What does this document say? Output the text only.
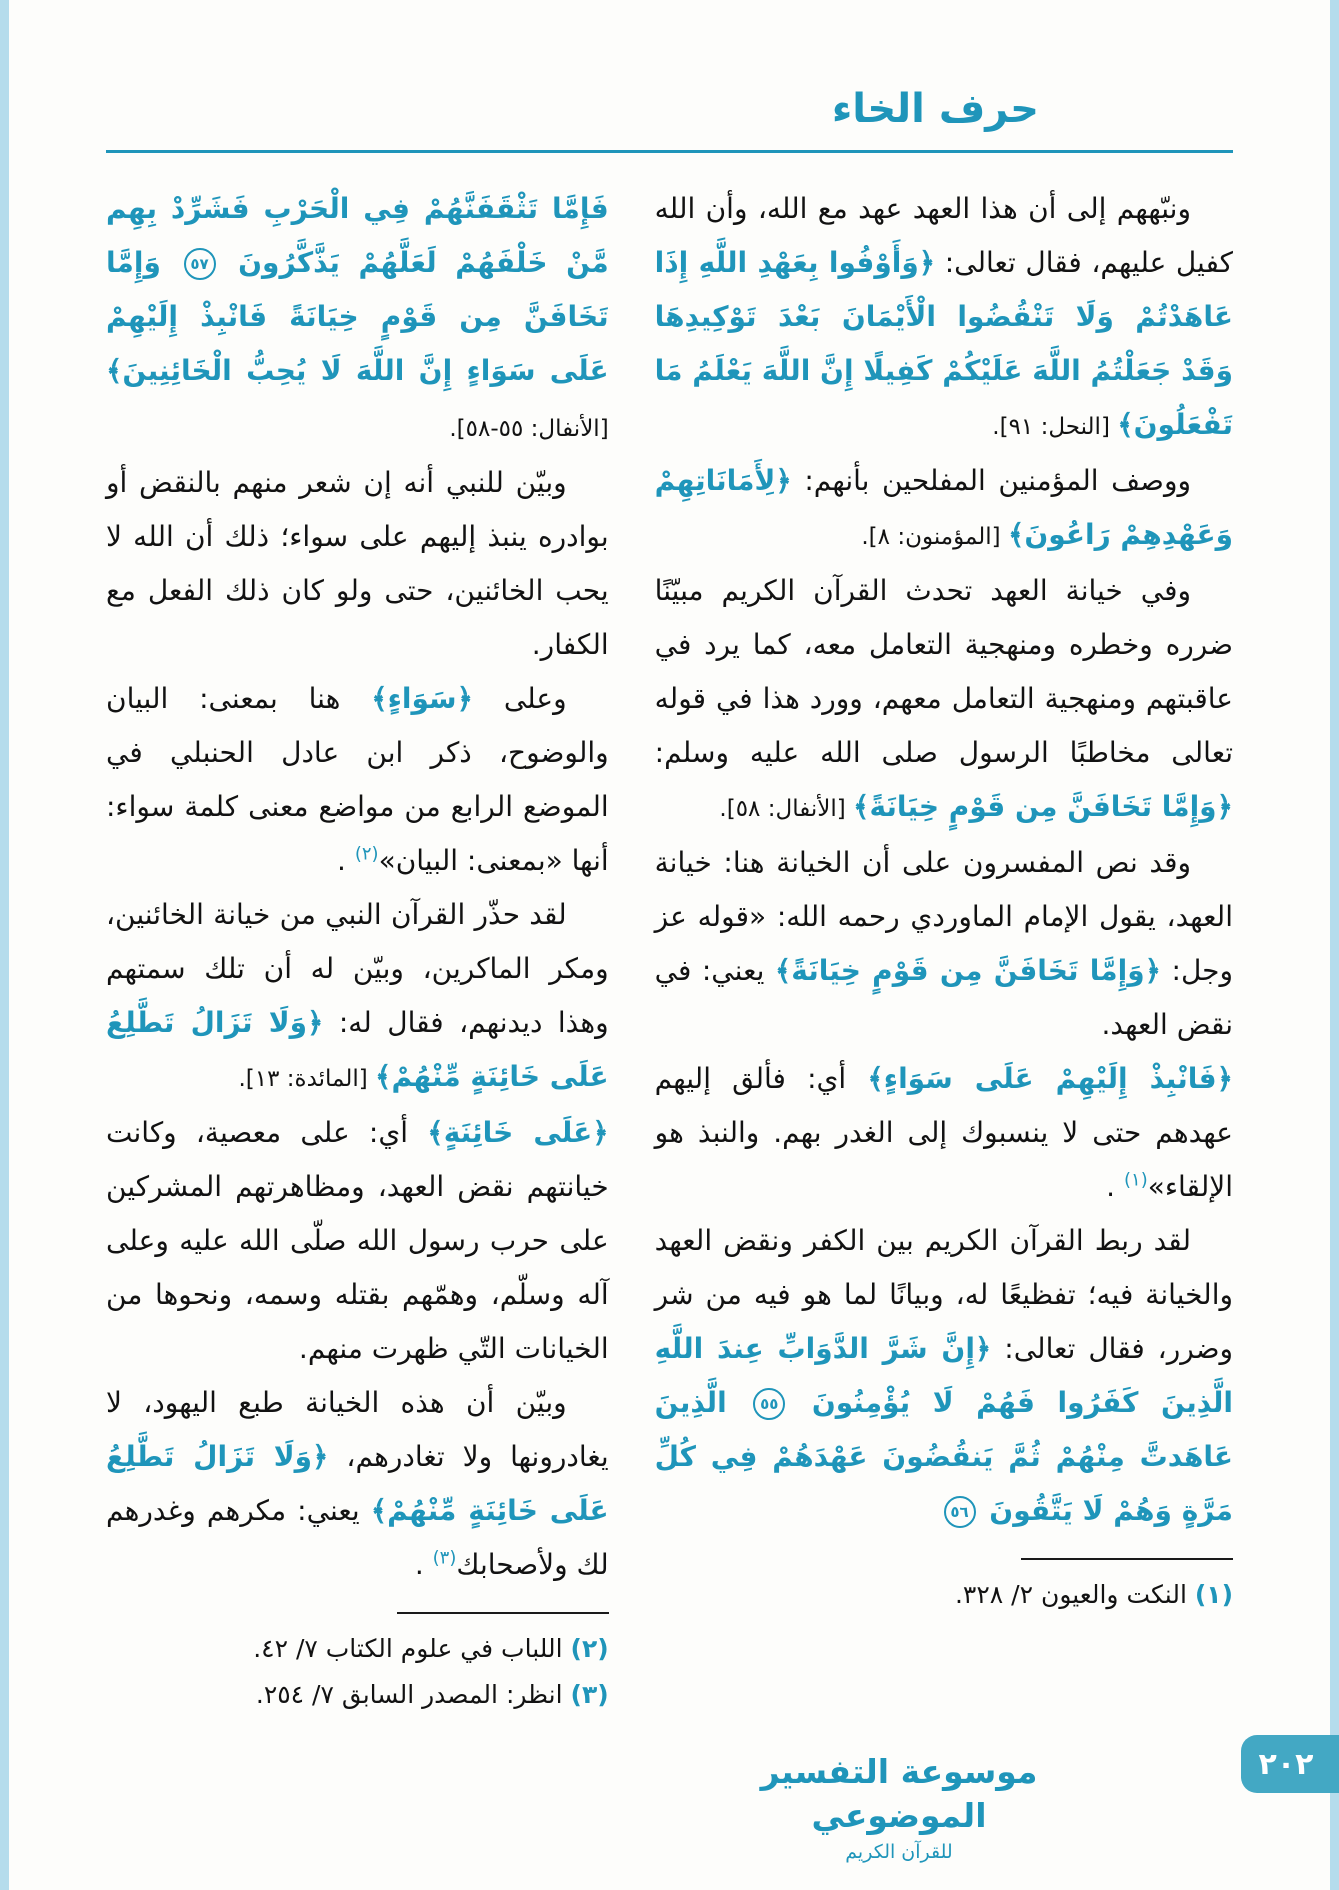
حرف الخاء

ونبّههم إلى أن هذا العهد عهد مع الله، وأن الله كفيل عليهم، فقال تعالى: ﴿وَأَوْفُوا بِعَهْدِ اللَّهِ إِذَا عَاهَدْتُمْ وَلَا تَنْقُضُوا الْأَيْمَانَ بَعْدَ تَوْكِيدِهَا وَقَدْ جَعَلْتُمُ اللَّهَ عَلَيْكُمْ كَفِيلًا إِنَّ اللَّهَ يَعْلَمُ مَا تَفْعَلُونَ﴾ [النحل: ٩١].

ووصف المؤمنين المفلحين بأنهم: ﴿لِأَمَانَاتِهِمْ وَعَهْدِهِمْ رَاعُونَ﴾ [المؤمنون: ٨].

وفي خيانة العهد تحدث القرآن الكريم مبيّنًا ضرره وخطره ومنهجية التعامل معه، كما يرد في عاقبتهم ومنهجية التعامل معهم، وورد هذا في قوله تعالى مخاطبًا الرسول صلى الله عليه وسلم: ﴿وَإِمَّا تَخَافَنَّ مِن قَوْمٍ خِيَانَةً﴾ [الأنفال: ٥٨].

وقد نص المفسرون على أن الخيانة هنا: خيانة العهد، يقول الإمام الماوردي رحمه الله: «قوله عز وجل: ﴿وَإِمَّا تَخَافَنَّ مِن قَوْمٍ خِيَانَةً﴾ يعني: في نقض العهد.

﴿فَانْبِذْ إِلَيْهِمْ عَلَى سَوَاءٍ﴾ أي: فألق إليهم عهدهم حتى لا ينسبوك إلى الغدر بهم. والنبذ هو الإلقاء»$^{(١)}$ .

لقد ربط القرآن الكريم بين الكفر ونقض العهد والخيانة فيه؛ تفظيعًا له، وبيانًا لما هو فيه من شر وضرر، فقال تعالى: ﴿إِنَّ شَرَّ الدَّوَابِّ عِندَ اللَّهِ الَّذِينَ كَفَرُوا فَهُمْ لَا يُؤْمِنُونَ ٥٥ الَّذِينَ عَاهَدتَّ مِنْهُمْ ثُمَّ يَنقُضُونَ عَهْدَهُمْ فِي كُلِّ مَرَّةٍ وَهُمْ لَا يَتَّقُونَ ٥٦

(١) النكت والعيون ٢/ ٣٢٨.

فَإِمَّا تَثْقَفَنَّهُمْ فِي الْحَرْبِ فَشَرِّدْ بِهِم مَّنْ خَلْفَهُمْ لَعَلَّهُمْ يَذَّكَّرُونَ ٥٧ وَإِمَّا تَخَافَنَّ مِن قَوْمٍ خِيَانَةً فَانْبِذْ إِلَيْهِمْ عَلَى سَوَاءٍ إِنَّ اللَّهَ لَا يُحِبُّ الْخَائِنِينَ﴾ [الأنفال: ٥٥-٥٨].

وبيّن للنبي أنه إن شعر منهم بالنقض أو بوادره ينبذ إليهم على سواء؛ ذلك أن الله لا يحب الخائنين، حتى ولو كان ذلك الفعل مع الكفار.

وعلى ﴿سَوَاءٍ﴾ هنا بمعنى: البيان والوضوح، ذكر ابن عادل الحنبلي في الموضع الرابع من مواضع معنى كلمة سواء: أنها «بمعنى: البيان»$^{(٢)}$ .

لقد حذّر القرآن النبي من خيانة الخائنين، ومكر الماكرين، وبيّن له أن تلك سمتهم وهذا ديدنهم، فقال له: ﴿وَلَا تَزَالُ تَطَّلِعُ عَلَى خَائِنَةٍ مِّنْهُمْ﴾ [المائدة: ١٣].

﴿عَلَى خَائِنَةٍ﴾ أي: على معصية، وكانت خيانتهم نقض العهد، ومظاهرتهم المشركين على حرب رسول الله صلّى الله عليه وعلى آله وسلّم، وهمّهم بقتله وسمه، ونحوها من الخيانات التّي ظهرت منهم.

وبيّن أن هذه الخيانة طبع اليهود، لا يغادرونها ولا تغادرهم، ﴿وَلَا تَزَالُ تَطَّلِعُ عَلَى خَائِنَةٍ مِّنْهُمْ﴾ يعني: مكرهم وغدرهم لك ولأصحابك$^{(٣)}$ .

(٢) اللباب في علوم الكتاب ٧/ ٤٢.
(٣) انظر: المصدر السابق ٧/ ٢٥٤.
موسوعة التفسير الموضوعي
للقرآن الكريم
٢٠٢
